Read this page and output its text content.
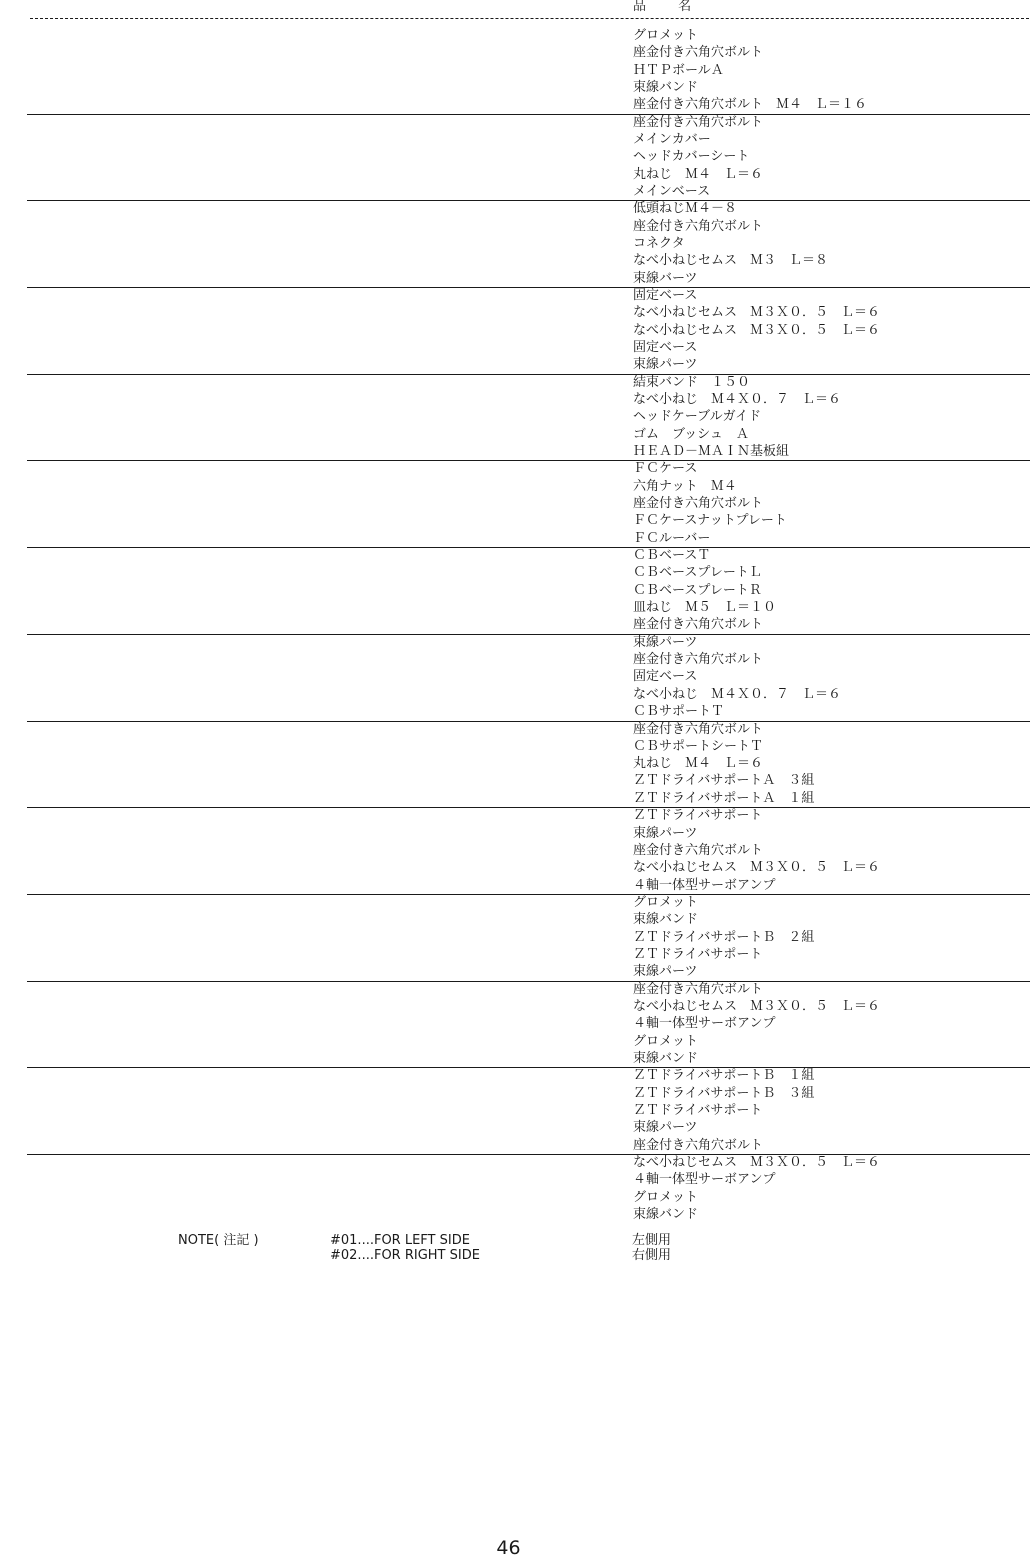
品 名
グロメット
座金付き六角穴ボルト
ＨＴＰボールＡ
束線バンド
座金付き六角穴ボルト　Ｍ４　Ｌ＝１６
座金付き六角穴ボルト
メインカバー
ヘッドカバーシート
丸ねじ　Ｍ４　Ｌ＝６
メインベース
低頭ねじＭ４－８
座金付き六角穴ボルト
コネクタ
なべ小ねじセムス　Ｍ３　Ｌ＝８
束線バーツ
固定ベース
なべ小ねじセムス　Ｍ３Ｘ０．５　Ｌ＝６
なべ小ねじセムス　Ｍ３Ｘ０．５　Ｌ＝６
固定ベース
束線パーツ
結束バンド　１５０
なべ小ねじ　Ｍ４Ｘ０．７　Ｌ＝６
ヘッドケーブルガイド
ゴム　ブッシュ　Ａ
ＨＥＡＤ－ＭＡＩＮ基板組
ＦＣケース
六角ナット　Ｍ４
座金付き六角穴ボルト
ＦＣケースナットプレート
ＦＣルーバー
ＣＢベースＴ
ＣＢベースプレートＬ
ＣＢベースプレートＲ
皿ねじ　Ｍ５　Ｌ＝１０
座金付き六角穴ボルト
束線パーツ
座金付き六角穴ボルト
固定ベース
なべ小ねじ　Ｍ４Ｘ０．７　Ｌ＝６
ＣＢサポートＴ
座金付き六角穴ボルト
ＣＢサポートシートＴ
丸ねじ　Ｍ４　Ｌ＝６
ＺＴドライバサポートＡ　３組
ＺＴドライバサポートＡ　１組
ＺＴドライバサポート
束線パーツ
座金付き六角穴ボルト
なべ小ねじセムス　Ｍ３Ｘ０．５　Ｌ＝６
４軸一体型サーボアンプ
グロメット
束線バンド
ＺＴドライバサポートＢ　２組
ＺＴドライバサポート
束線パーツ
座金付き六角穴ボルト
なべ小ねじセムス　Ｍ３Ｘ０．５　Ｌ＝６
４軸一体型サーボアンプ
グロメット
束線バンド
ＺＴドライバサポートＢ　１組
ＺＴドライバサポートＢ　３組
ＺＴドライバサポート
束線パーツ
座金付き六角穴ボルト
なべ小ねじセムス　Ｍ３Ｘ０．５　Ｌ＝６
４軸一体型サーボアンプ
グロメット
束線バンド
NOTE( 注記 )	#01....FOR LEFT SIDE
#02....FOR RIGHT SIDE
左側用
右側用
46
